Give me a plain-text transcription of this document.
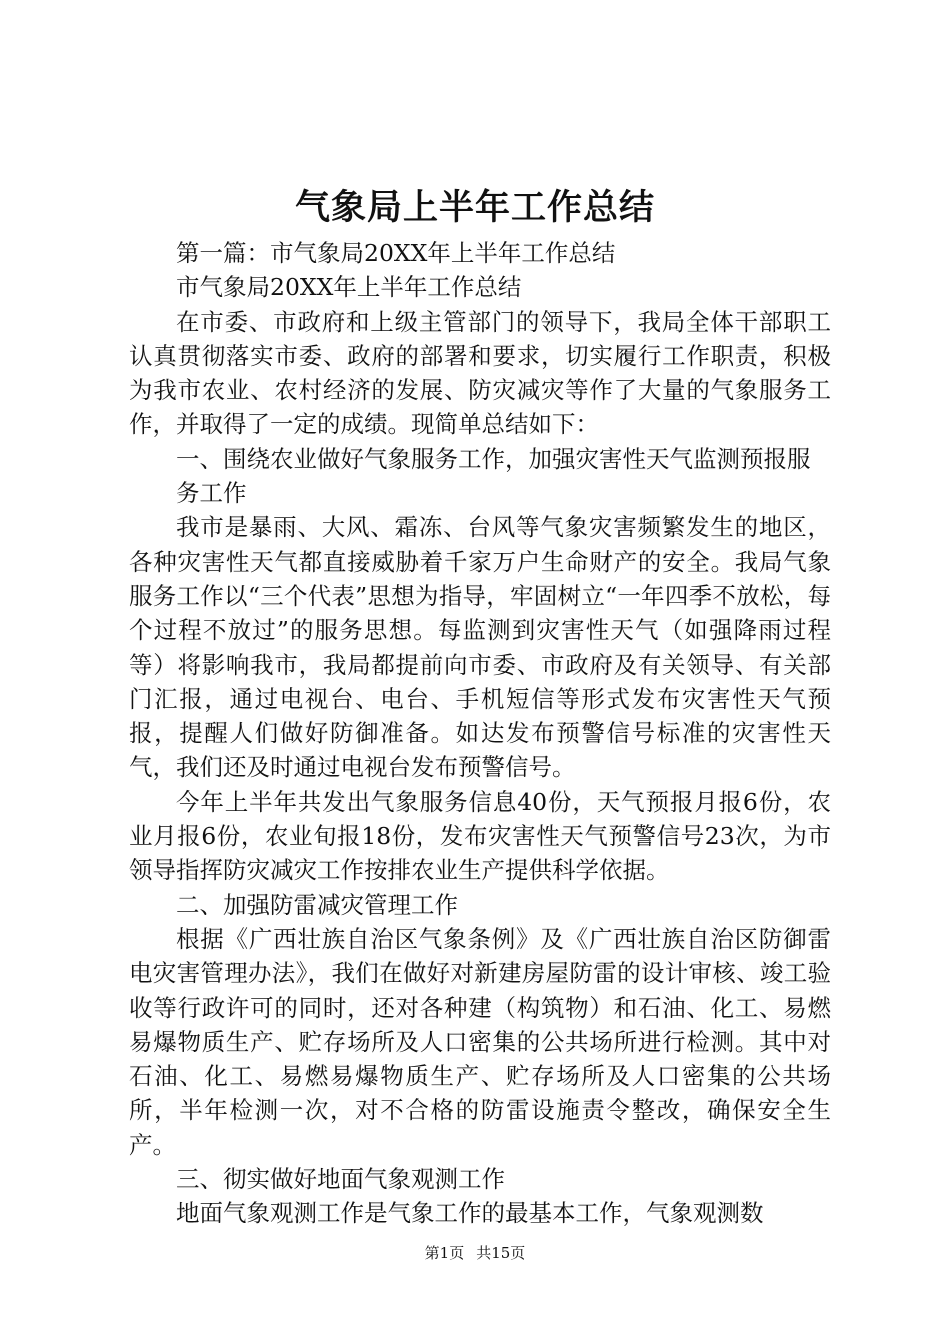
气象局上半年工作总结

第一篇：市气象局20XX年上半年工作总结

市气象局20XX年上半年工作总结

在市委、市政府和上级主管部门的领导下，我局全体干部职工认真贯彻落实市委、政府的部署和要求，切实履行工作职责，积极为我市农业、农村经济的发展、防灾减灾等作了大量的气象服务工作，并取得了一定的成绩。现简单总结如下：

一、围绕农业做好气象服务工作，加强灾害性天气监测预报服

务工作

我市是暴雨、大风、霜冻、台风等气象灾害频繁发生的地区，各种灾害性天气都直接威胁着千家万户生命财产的安全。我局气象服务工作以“三个代表”思想为指导，牢固树立“一年四季不放松，每个过程不放过”的服务思想。每监测到灾害性天气（如强降雨过程等）将影响我市，我局都提前向市委、市政府及有关领导、有关部门汇报，通过电视台、电台、手机短信等形式发布灾害性天气预报，提醒人们做好防御准备。如达发布预警信号标准的灾害性天气，我们还及时通过电视台发布预警信号。

今年上半年共发出气象服务信息40份，天气预报月报6份，农业月报6份，农业旬报18份，发布灾害性天气预警信号23次，为市领导指挥防灾减灾工作按排农业生产提供科学依据。

二、加强防雷减灾管理工作

根据《广西壮族自治区气象条例》及《广西壮族自治区防御雷电灾害管理办法》，我们在做好对新建房屋防雷的设计审核、竣工验收等行政许可的同时，还对各种建（构筑物）和石油、化工、易燃易爆物质生产、贮存场所及人口密集的公共场所进行检测。其中对石油、化工、易燃易爆物质生产、贮存场所及人口密集的公共场所，半年检测一次，对不合格的防雷设施责令整改，确保安全生产。

三、彻实做好地面气象观测工作

地面气象观测工作是气象工作的最基本工作，气象观测数

第1页 共15页
